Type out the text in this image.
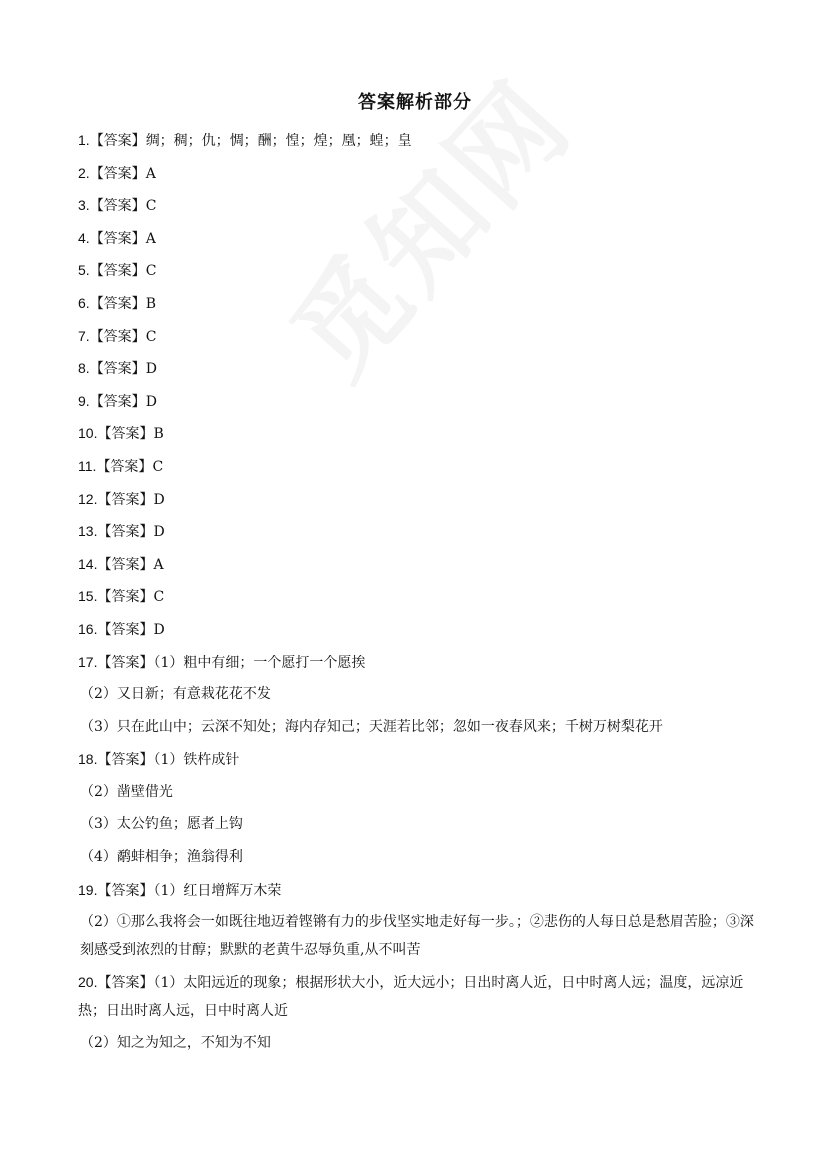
答案解析部分
1.【答案】绸；稠；仇；惆；酬；惶；煌；凰；蝗；皇
2.【答案】A
3.【答案】C
4.【答案】A
5.【答案】C
6.【答案】B
7.【答案】C
8.【答案】D
9.【答案】D
10.【答案】B
11.【答案】C
12.【答案】D
13.【答案】D
14.【答案】A
15.【答案】C
16.【答案】D
17.【答案】（1）粗中有细；一个愿打一个愿挨
（2）又日新；有意栽花花不发
（3）只在此山中；云深不知处；海内存知己；天涯若比邻；忽如一夜春风来；千树万树梨花开
18.【答案】（1）铁杵成针
（2）凿壁借光
（3）太公钓鱼；愿者上钩
（4）鹬蚌相争；渔翁得利
19.【答案】（1）红日增辉万木荣
（2）①那么我将会一如既往地迈着铿锵有力的步伐坚实地走好每一步。；②悲伤的人每日总是愁眉苦脸；③深刻感受到浓烈的甘醇；默默的老黄牛忍辱负重,从不叫苦
20.【答案】（1）太阳远近的现象；根据形状大小，近大远小；日出时离人近，日中时离人远；温度，远凉近热；日出时离人远，日中时离人近
（2）知之为知之，不知为不知
